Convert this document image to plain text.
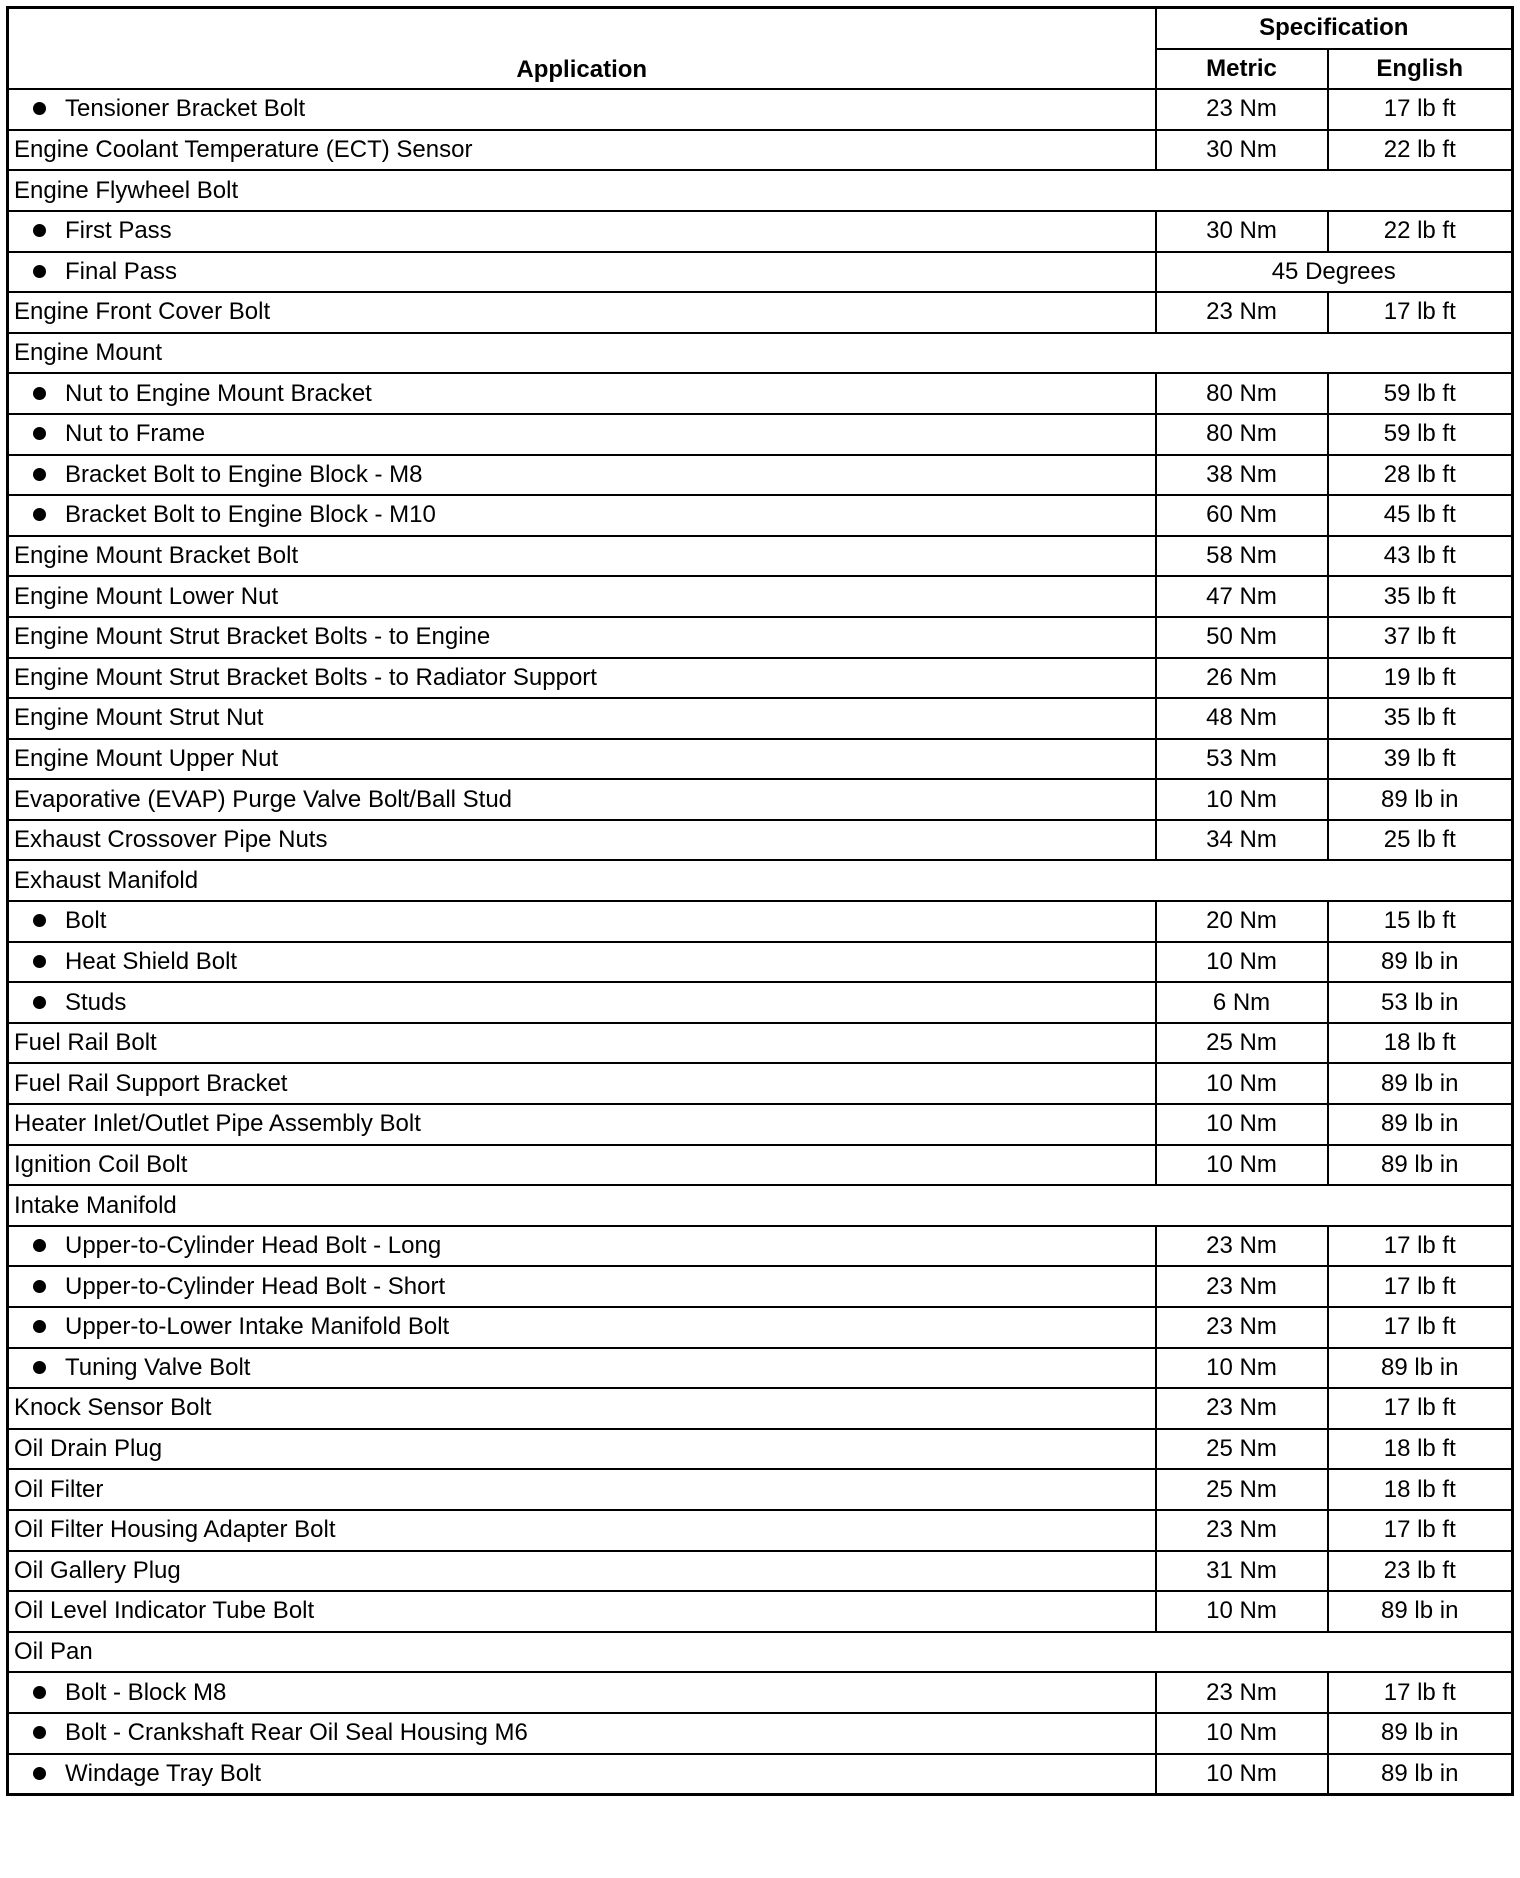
Application	Specification	
	Metric	English
Tensioner Bracket Bolt	23 Nm	17 lb ft
Engine Coolant Temperature (ECT) Sensor	30 Nm	22 lb ft
Engine Flywheel Bolt		
First Pass	30 Nm	22 lb ft
Final Pass	45 Degrees	
Engine Front Cover Bolt	23 Nm	17 lb ft
Engine Mount		
Nut to Engine Mount Bracket	80 Nm	59 lb ft
Nut to Frame	80 Nm	59 lb ft
Bracket Bolt to Engine Block - M8	38 Nm	28 lb ft
Bracket Bolt to Engine Block - M10	60 Nm	45 lb ft
Engine Mount Bracket Bolt	58 Nm	43 lb ft
Engine Mount Lower Nut	47 Nm	35 lb ft
Engine Mount Strut Bracket Bolts - to Engine	50 Nm	37 lb ft
Engine Mount Strut Bracket Bolts - to Radiator Support	26 Nm	19 lb ft
Engine Mount Strut Nut	48 Nm	35 lb ft
Engine Mount Upper Nut	53 Nm	39 lb ft
Evaporative (EVAP) Purge Valve Bolt/Ball Stud	10 Nm	89 lb in
Exhaust Crossover Pipe Nuts	34 Nm	25 lb ft
Exhaust Manifold		
Bolt	20 Nm	15 lb ft
Heat Shield Bolt	10 Nm	89 lb in
Studs	6 Nm	53 lb in
Fuel Rail Bolt	25 Nm	18 lb ft
Fuel Rail Support Bracket	10 Nm	89 lb in
Heater Inlet/Outlet Pipe Assembly Bolt	10 Nm	89 lb in
Ignition Coil Bolt	10 Nm	89 lb in
Intake Manifold		
Upper-to-Cylinder Head Bolt - Long	23 Nm	17 lb ft
Upper-to-Cylinder Head Bolt - Short	23 Nm	17 lb ft
Upper-to-Lower Intake Manifold Bolt	23 Nm	17 lb ft
Tuning Valve Bolt	10 Nm	89 lb in
Knock Sensor Bolt	23 Nm	17 lb ft
Oil Drain Plug	25 Nm	18 lb ft
Oil Filter	25 Nm	18 lb ft
Oil Filter Housing Adapter Bolt	23 Nm	17 lb ft
Oil Gallery Plug	31 Nm	23 lb ft
Oil Level Indicator Tube Bolt	10 Nm	89 lb in
Oil Pan		
Bolt - Block M8	23 Nm	17 lb ft
Bolt - Crankshaft Rear Oil Seal Housing M6	10 Nm	89 lb in
Windage Tray Bolt	10 Nm	89 lb in
